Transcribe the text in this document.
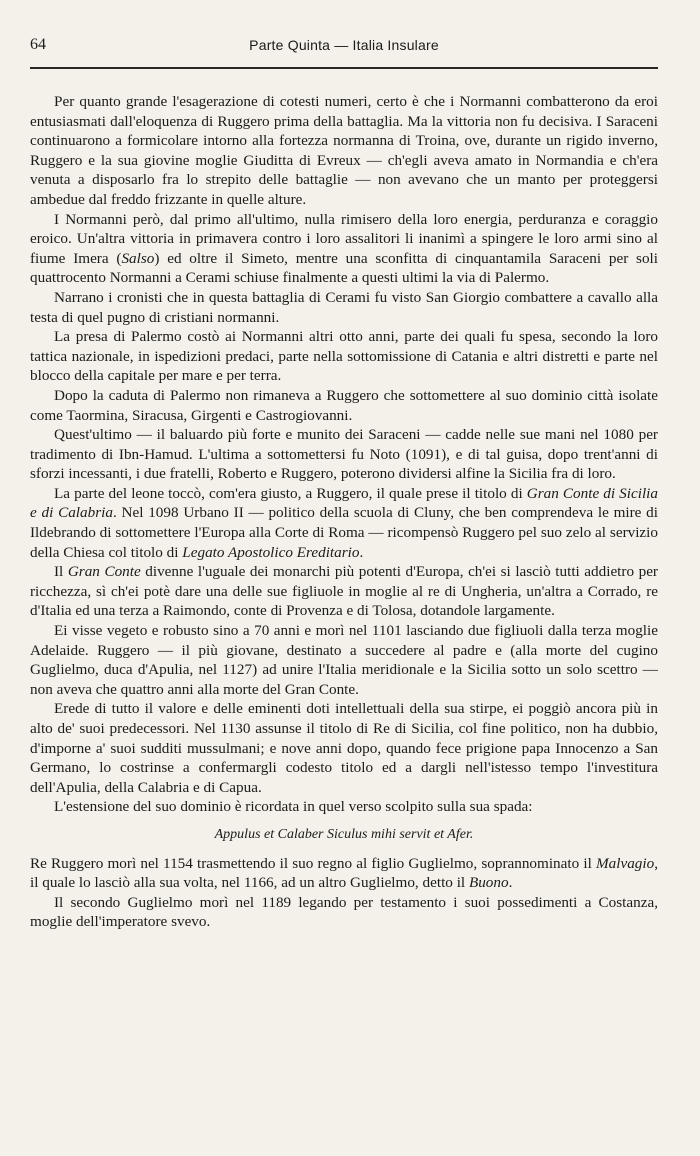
64	Parte Quinta — Italia Insulare

Per quanto grande l'esagerazione di cotesti numeri, certo è che i Normanni combatterono da eroi entusiasmati dall'eloquenza di Ruggero prima della battaglia. Ma la vittoria non fu decisiva. I Saraceni continuarono a formicolare intorno alla fortezza normanna di Troina, ove, durante un rigido inverno, Ruggero e la sua giovine moglie Giuditta di Evreux — ch'egli aveva amato in Normandia e ch'era venuta a disposarlo fra lo strepito delle battaglie — non avevano che un manto per proteggersi ambedue dal freddo frizzante in quelle alture.

I Normanni però, dal primo all'ultimo, nulla rimisero della loro energia, perduranza e coraggio eroico. Un'altra vittoria in primavera contro i loro assalitori li inanimì a spingere le loro armi sino al fiume Imera (Salso) ed oltre il Simeto, mentre una sconfitta di cinquantamila Saraceni per soli quattrocento Normanni a Cerami schiuse finalmente a questi ultimi la via di Palermo.

Narrano i cronisti che in questa battaglia di Cerami fu visto San Giorgio combattere a cavallo alla testa di quel pugno di cristiani normanni.

La presa di Palermo costò ai Normanni altri otto anni, parte dei quali fu spesa, secondo la loro tattica nazionale, in ispedizioni predaci, parte nella sottomissione di Catania e altri distretti e parte nel blocco della capitale per mare e per terra.

Dopo la caduta di Palermo non rimaneva a Ruggero che sottomettere al suo dominio città isolate come Taormina, Siracusa, Girgenti e Castrogiovanni.

Quest'ultimo — il baluardo più forte e munito dei Saraceni — cadde nelle sue mani nel 1080 per tradimento di Ibn-Hamud. L'ultima a sottomettersi fu Noto (1091), e di tal guisa, dopo trent'anni di sforzi incessanti, i due fratelli, Roberto e Ruggero, poterono dividersi alfine la Sicilia fra di loro.

La parte del leone toccò, com'era giusto, a Ruggero, il quale prese il titolo di Gran Conte di Sicilia e di Calabria. Nel 1098 Urbano II — politico della scuola di Cluny, che ben comprendeva le mire di Ildebrando di sottomettere l'Europa alla Corte di Roma — ricompensò Ruggero pel suo zelo al servizio della Chiesa col titolo di Legato Apostolico Ereditario.

Il Gran Conte divenne l'uguale dei monarchi più potenti d'Europa, ch'ei si lasciò tutti addietro per ricchezza, sì ch'ei potè dare una delle sue figliuole in moglie al re di Ungheria, un'altra a Corrado, re d'Italia ed una terza a Raimondo, conte di Provenza e di Tolosa, dotandole largamente.

Ei visse vegeto e robusto sino a 70 anni e morì nel 1101 lasciando due figliuoli dalla terza moglie Adelaide. Ruggero — il più giovane, destinato a succedere al padre e (alla morte del cugino Guglielmo, duca d'Apulia, nel 1127) ad unire l'Italia meridionale e la Sicilia sotto un solo scettro — non aveva che quattro anni alla morte del Gran Conte.

Erede di tutto il valore e delle eminenti doti intellettuali della sua stirpe, ei poggiò ancora più in alto de' suoi predecessori. Nel 1130 assunse il titolo di Re di Sicilia, col fine politico, non ha dubbio, d'imporne a' suoi sudditi mussulmani; e nove anni dopo, quando fece prigione papa Innocenzo a San Germano, lo costrinse a confermargli codesto titolo ed a dargli nell'istesso tempo l'investitura dell'Apulia, della Calabria e di Capua.

L'estensione del suo dominio è ricordata in quel verso scolpito sulla sua spada:

Appulus et Calaber Siculus mihi servit et Afer.

Re Ruggero morì nel 1154 trasmettendo il suo regno al figlio Guglielmo, soprannominato il Malvagio, il quale lo lasciò alla sua volta, nel 1166, ad un altro Guglielmo, detto il Buono.

Il secondo Guglielmo morì nel 1189 legando per testamento i suoi possedimenti a Costanza, moglie dell'imperatore svevo.
